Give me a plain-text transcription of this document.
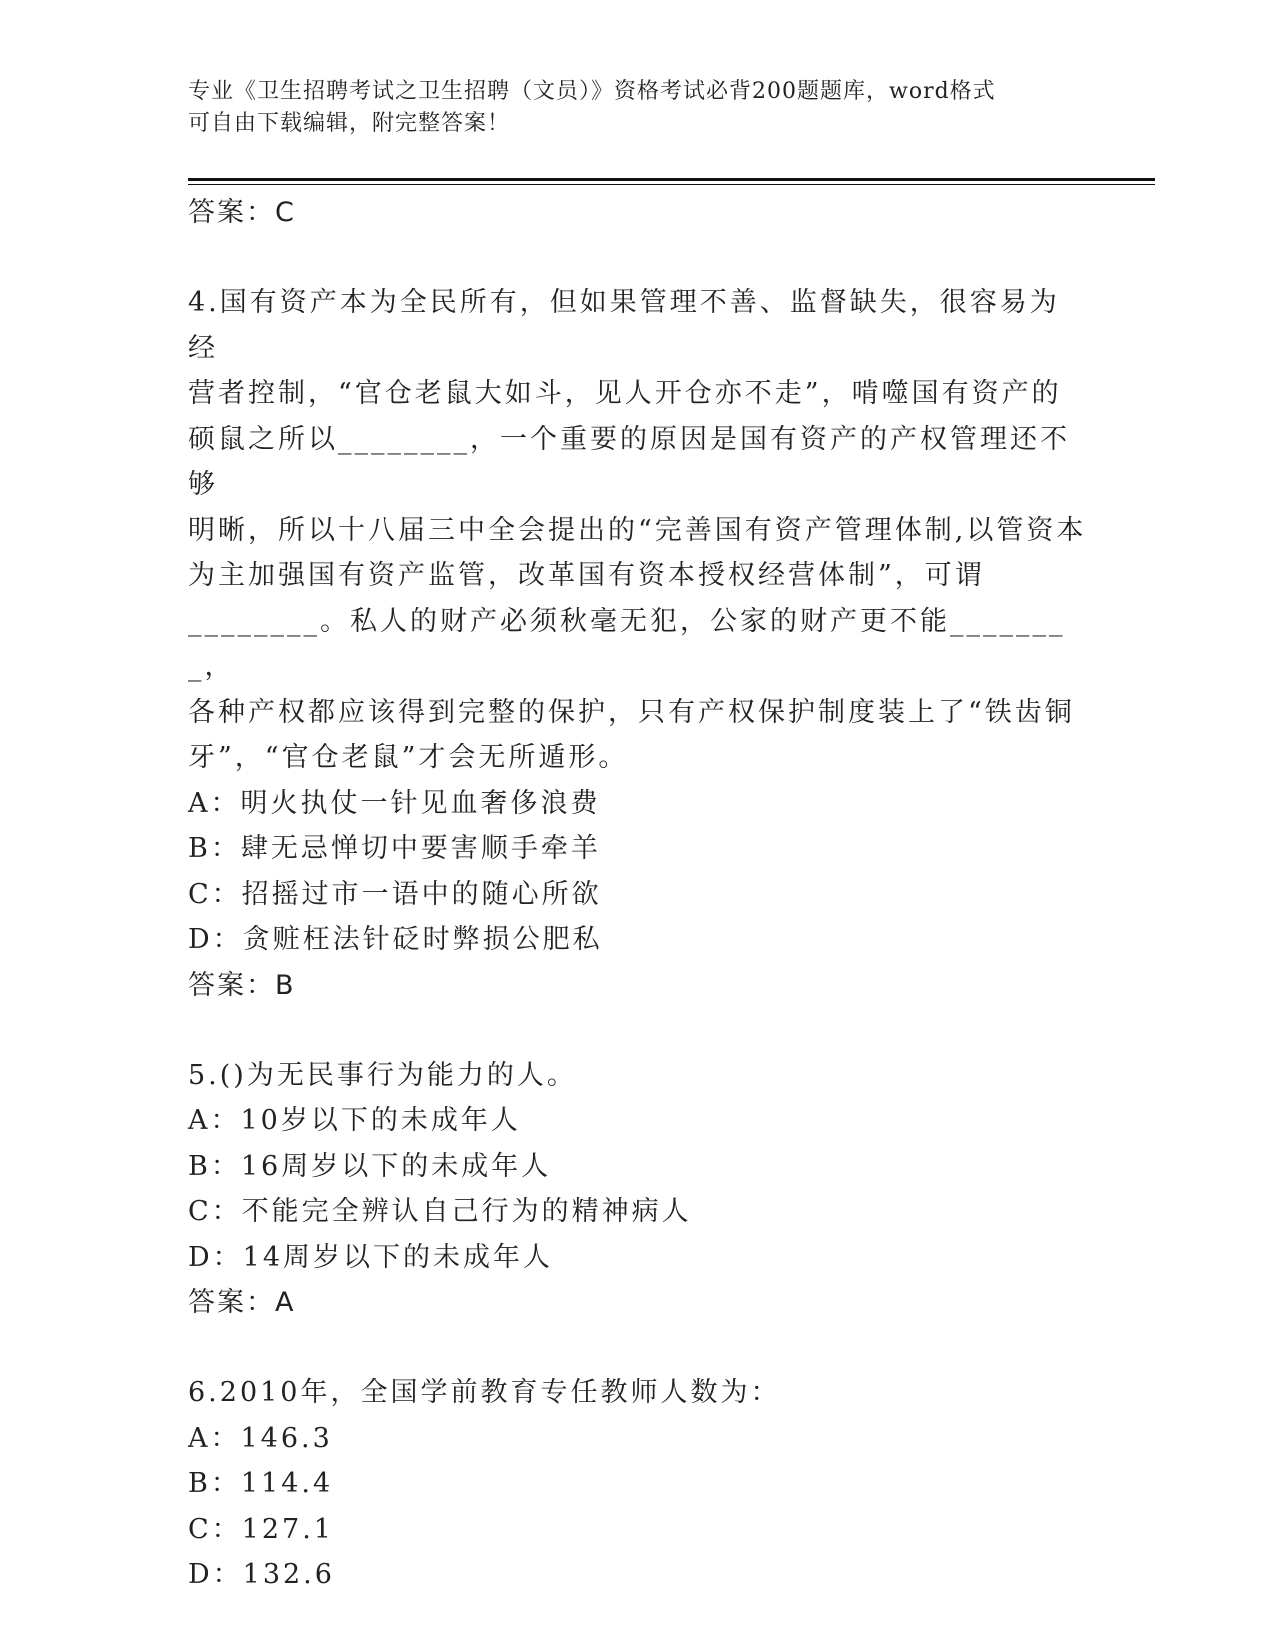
专业《卫生招聘考试之卫生招聘（文员）》资格考试必背200题题库，word格式
可自由下载编辑，附完整答案！
答案：C
4.国有资产本为全民所有，但如果管理不善、监督缺失，很容易为经
营者控制，“官仓老鼠大如斗，见人开仓亦不走”，啃噬国有资产的
硕鼠之所以________，一个重要的原因是国有资产的产权管理还不够
明晰，所以十八届三中全会提出的“完善国有资产管理体制,以管资本
为主加强国有资产监管，改革国有资本授权经营体制”，可谓
________。私人的财产必须秋毫无犯，公家的财产更不能________，
各种产权都应该得到完整的保护，只有产权保护制度装上了“铁齿铜
牙”，“官仓老鼠”才会无所遁形。
A：明火执仗一针见血奢侈浪费
B：肆无忌惮切中要害顺手牵羊
C：招摇过市一语中的随心所欲
D：贪赃枉法针砭时弊损公肥私
答案：B
5.()为无民事行为能力的人。
A：10岁以下的未成年人
B：16周岁以下的未成年人
C：不能完全辨认自己行为的精神病人
D：14周岁以下的未成年人
答案：A
6.2010年，全国学前教育专任教师人数为：
A：146.3
B：114.4
C：127.1
D：132.6
